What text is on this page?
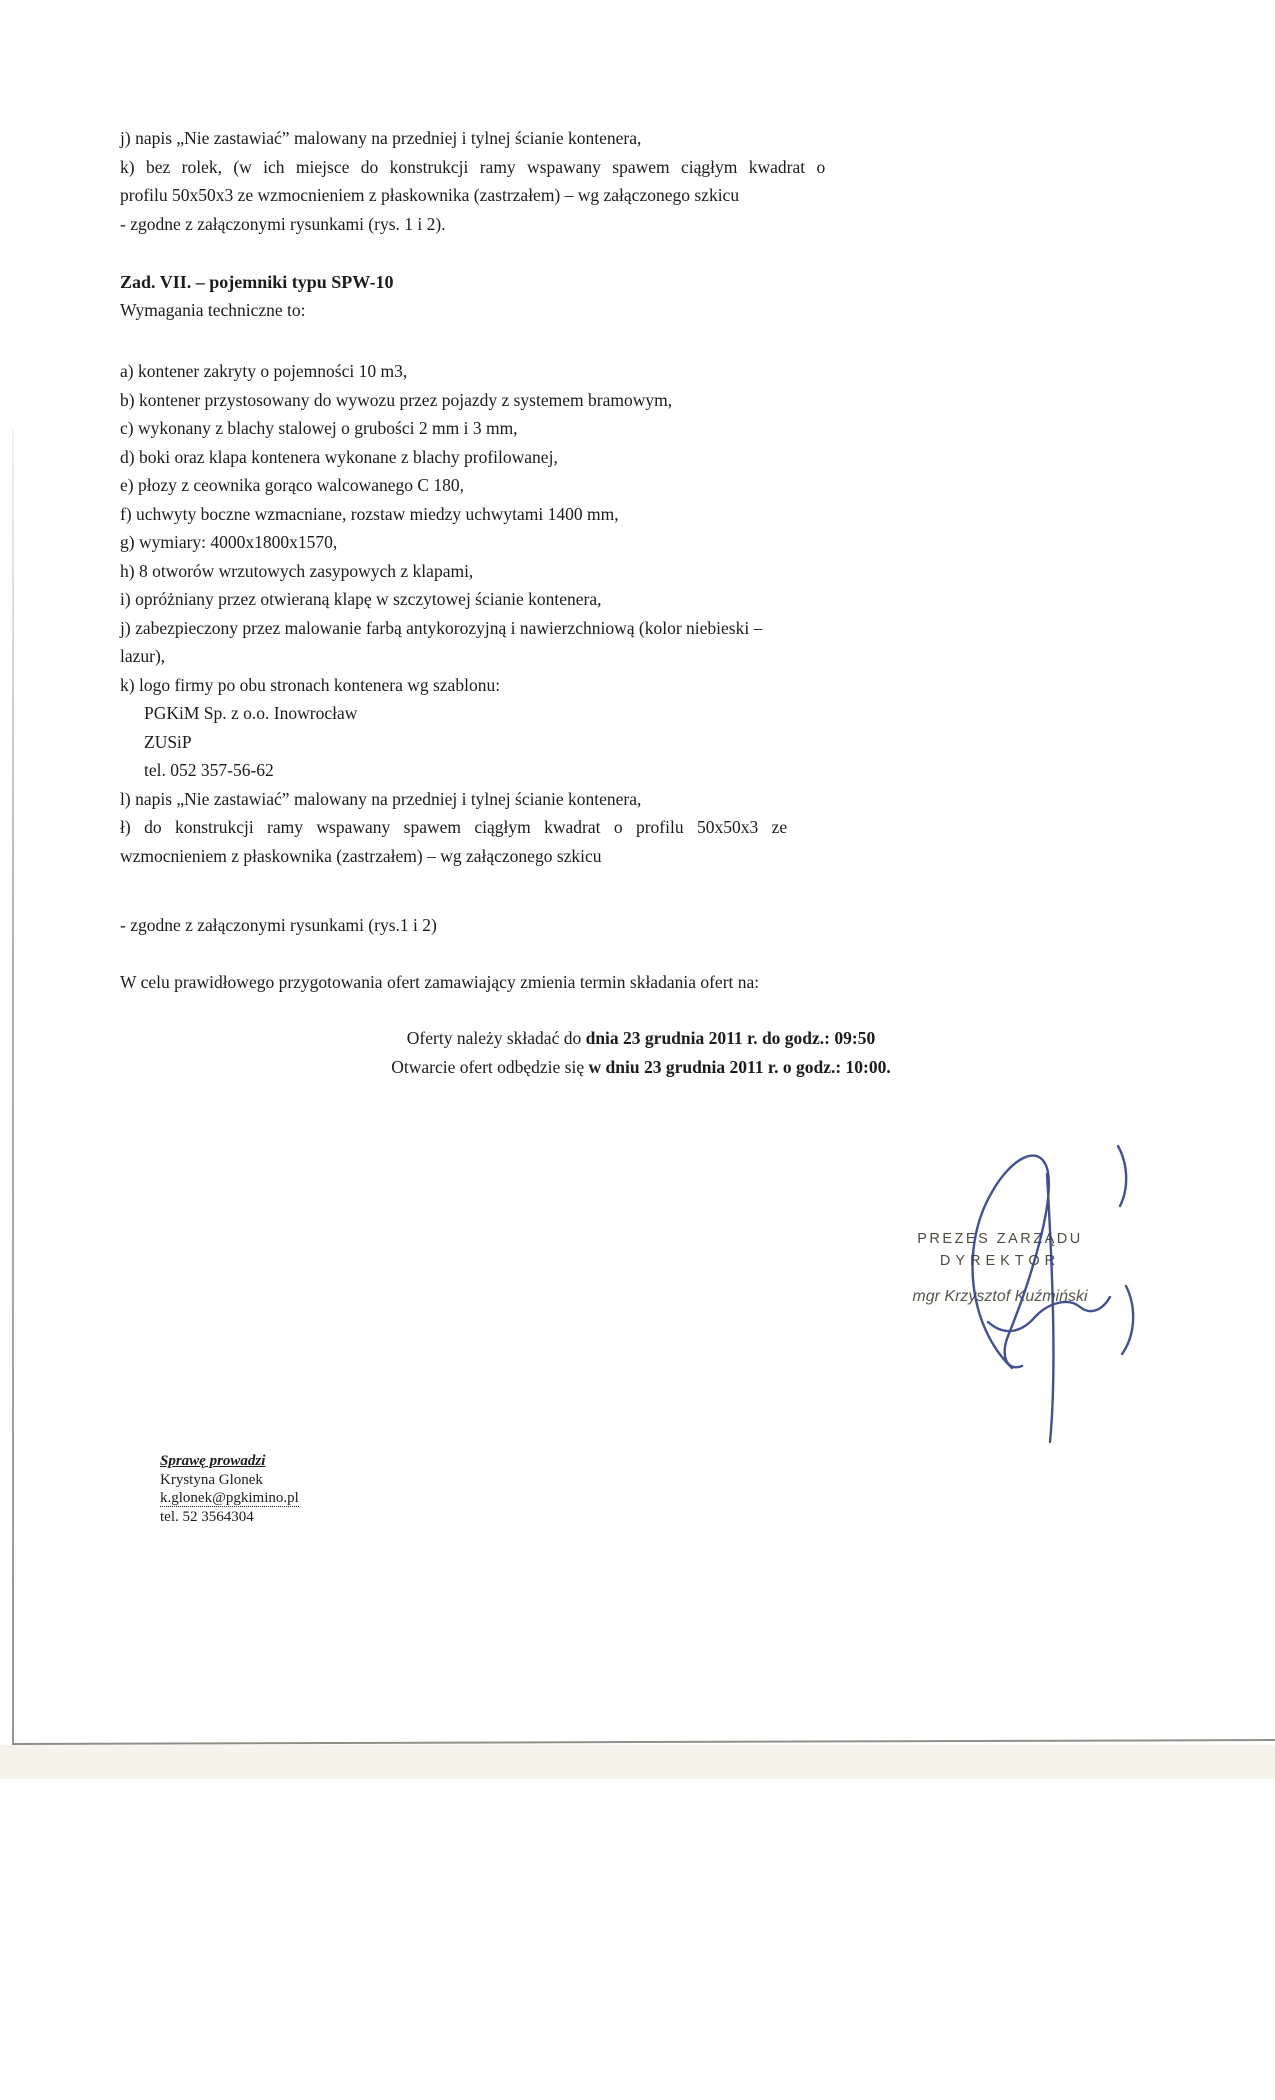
j) napis „Nie zastawiać” malowany na przedniej i tylnej ścianie kontenera,
k) bez rolek, (w ich miejsce do konstrukcji ramy wspawany spawem ciągłym kwadrat o
profilu 50x50x3 ze wzmocnieniem z płaskownika (zastrzałem) – wg załączonego szkicu
- zgodne z załączonymi rysunkami (rys. 1 i 2).
Zad. VII. – pojemniki typu SPW-10
Wymagania techniczne to:
a) kontener zakryty o pojemności 10 m3,
b) kontener przystosowany do wywozu przez pojazdy z systemem bramowym,
c) wykonany z blachy stalowej o grubości 2 mm i 3 mm,
d) boki oraz klapa kontenera wykonane z blachy profilowanej,
e) płozy z ceownika gorąco walcowanego C 180,
f) uchwyty boczne wzmacniane, rozstaw miedzy uchwytami 1400 mm,
g) wymiary: 4000x1800x1570,
h) 8 otworów wrzutowych zasypowych z klapami,
i) opróżniany przez otwieraną klapę w szczytowej ścianie kontenera,
j) zabezpieczony przez malowanie farbą antykorozyjną i nawierzchniową (kolor niebieski –
lazur),
k) logo firmy po obu stronach kontenera wg szablonu:
PGKiM Sp. z o.o. Inowrocław
ZUSiP
tel. 052 357-56-62
l) napis „Nie zastawiać” malowany na przedniej i tylnej ścianie kontenera,
ł) do konstrukcji ramy wspawany spawem ciągłym kwadrat o profilu 50x50x3 ze
wzmocnieniem z płaskownika (zastrzałem) – wg załączonego szkicu
- zgodne z załączonymi rysunkami (rys.1 i 2)
W celu prawidłowego przygotowania ofert zamawiający zmienia termin składania ofert na:
Oferty należy składać do dnia 23 grudnia 2011 r. do godz.: 09:50
Otwarcie ofert odbędzie się w dniu 23 grudnia 2011 r. o godz.: 10:00.
PREZES ZARZĄDU
DYREKTOR
mgr Krzysztof Kuźmiński
Sprawę prowadzi
Krystyna Glonek
k.glonek@pgkimino.pl
tel. 52 3564304
